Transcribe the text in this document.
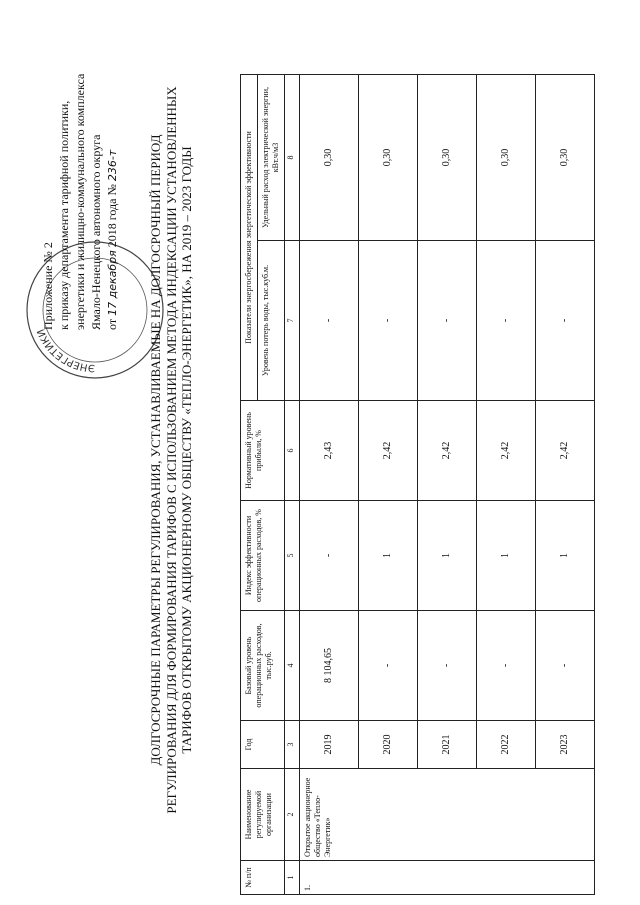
ЭНЕРГЕТИКИ
Приложение № 2 к приказу департамента тарифной политики, энергетики и жилищно-коммунального комплекса Ямало-Ненецкого автономного округа от 17 декабря 2018 года № 236-т ДОЛГОСРОЧНЫЕ ПАРАМЕТРЫ РЕГУЛИРОВАНИЯ, УСТАНАВЛИВАЕМЫЕ НА ДОЛГОСРОЧНЫЙ ПЕРИОД РЕГУЛИРОВАНИЯ ДЛЯ ФОРМИРОВАНИЯ ТАРИФОВ С ИСПОЛЬЗОВАНИЕМ МЕТОДА ИНДЕКСАЦИИ УСТАНОВЛЕННЫХ ТАРИФОВ ОТКРЫТОМУ АКЦИОНЕРНОМУ ОБЩЕСТВУ «ТЕПЛО-ЭНЕРГЕТИК», НА 2019 – 2023 ГОДЫ
№ п/п	Наименование регулируемой организации	Год	Базовый уровень операционных расходов, тыс.руб.	Индекс эффективности операционных расходов, %	Нормативный уровень прибыли, %	Показатели энергосбережения энергетической эффективности	
						Уровень потерь воды, тыс.куб.м.	Удельный расход электрической энергии, кВт.ч/м3
1	2	3	4	5	6	7	8
1.	Открытое акционерное общество «Тепло-Энергетик»	2019	8 104,65	-	2,43	-	0,30
		2020	-	1	2,42	-	0,30
		2021	-	1	2,42	-	0,30
		2022	-	1	2,42	-	0,30
		2023	-	1	2,42	-	0,30
